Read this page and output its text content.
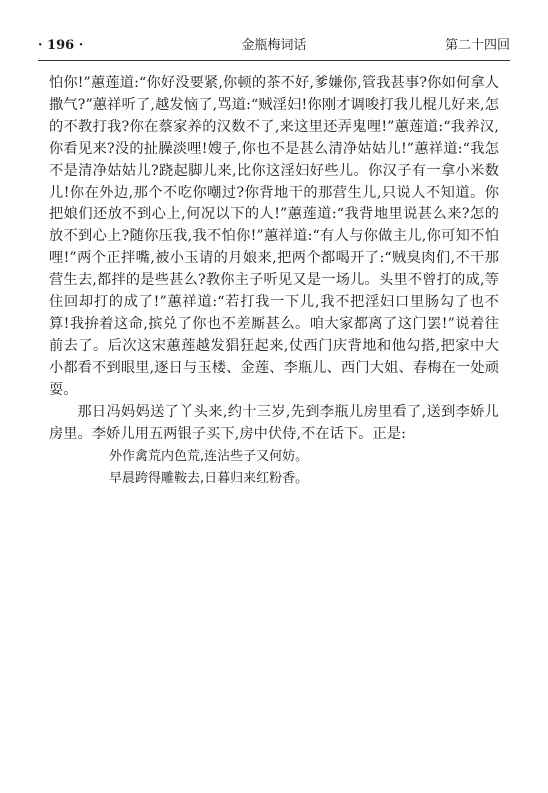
· 196 ·	金瓶梅词话	第二十四回

怕你!”蕙莲道:“你好没要紧,你顿的茶不好,爹嫌你,管我甚事?你如何拿人撒气?”蕙祥听了,越发恼了,骂道:“贼淫妇!你刚才调唆打我儿棍儿好来,怎的不教打我?你在蔡家养的汉数不了,来这里还弄鬼哩!”蕙莲道:“我养汉,你看见来?没的扯臊淡哩!嫂子,你也不是甚么清净姑姑儿!”蕙祥道:“我怎不是清净姑姑儿?跷起脚儿来,比你这淫妇好些儿。你汉子有一拿小米数儿!你在外边,那个不吃你嘲过?你背地干的那营生儿,只说人不知道。你把娘们还放不到心上,何况以下的人!”蕙莲道:“我背地里说甚么来?怎的放不到心上?随你压我,我不怕你!”蕙祥道:“有人与你做主儿,你可知不怕哩!”两个正拌嘴,被小玉请的月娘来,把两个都喝开了:“贼臭肉们,不干那营生去,都拌的是些甚么?教你主子听见又是一场儿。头里不曾打的成,等住回却打的成了!”蕙祥道:“若打我一下儿,我不把淫妇口里肠勾了也不算!我拚着这命,摈兑了你也不差厮甚么。咱大家都离了这门罢!”说着往前去了。后次这宋蕙莲越发猖狂起来,仗西门庆背地和他勾搭,把家中大小都看不到眼里,逐日与玉楼、金莲、李瓶儿、西门大姐、春梅在一处顽耍。

那日冯妈妈送了丫头来,约十三岁,先到李瓶儿房里看了,送到李娇儿房里。李娇儿用五两银子买下,房中伏侍,不在话下。正是:

外作禽荒内色荒,连沾些子又何妨。
早晨跨得雕鞍去,日暮归来红粉香。
